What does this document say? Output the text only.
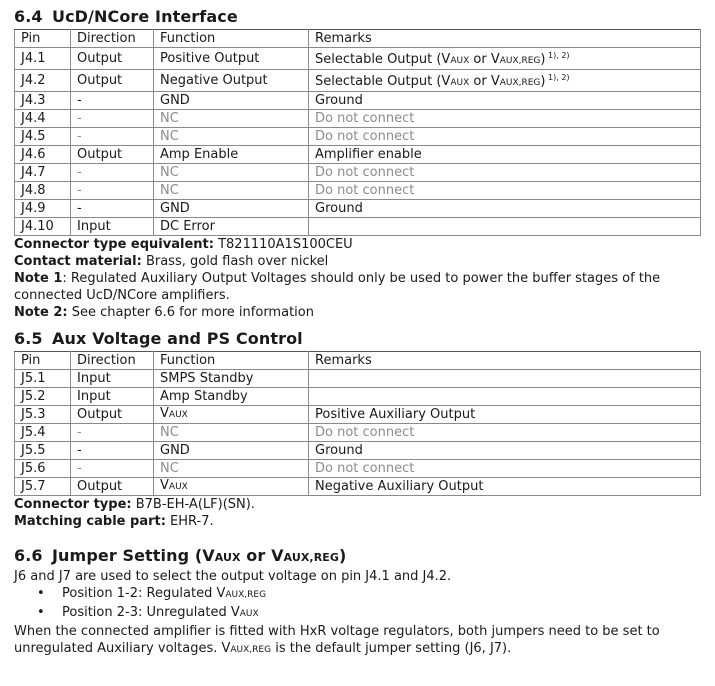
6.4 UcD/NCore Interface
Pin	Direction	Function	Remarks
J4.1	Output	Positive Output	Selectable Output (VAUX or VAUX,REG) $^{1), 2)}$
J4.2	Output	Negative Output	Selectable Output (VAUX or VAUX,REG) $^{1), 2)}$
J4.3	-	GND	Ground
J4.4	-	NC	Do not connect
J4.5	-	NC	Do not connect
J4.6	Output	Amp Enable	Amplifier enable
J4.7	-	NC	Do not connect
J4.8	-	NC	Do not connect
J4.9	-	GND	Ground
J4.10	Input	DC Error	

Connector type equivalent: T821110A1S100CEU

Contact material: Brass, gold flash over nickel

Note 1: Regulated Auxiliary Output Voltages should only be used to power the buffer stages of the connected UcD/NCore amplifiers.

Note 2: See chapter 6.6 for more information

6.5 Aux Voltage and PS Control
Pin	Direction	Function	Remarks
J5.1	Input	SMPS Standby	
J5.2	Input	Amp Standby	
J5.3	Output	VAUX	Positive Auxiliary Output
J5.4	-	NC	Do not connect
J5.5	-	GND	Ground
J5.6	-	NC	Do not connect
J5.7	Output	VAUX	Negative Auxiliary Output

Connector type: B7B-EH-A(LF)(SN).

Matching cable part: EHR-7.

6.6 Jumper Setting (VAUX or VAUX,REG)

J6 and J7 are used to select the output voltage on pin J4.1 and J4.2.

• Position 1-2: Regulated VAUX,REG
• Position 2-3: Unregulated VAUX

When the connected amplifier is fitted with HxR voltage regulators, both jumpers need to be set to unregulated Auxiliary voltages. VAUX,REG is the default jumper setting (J6, J7).
